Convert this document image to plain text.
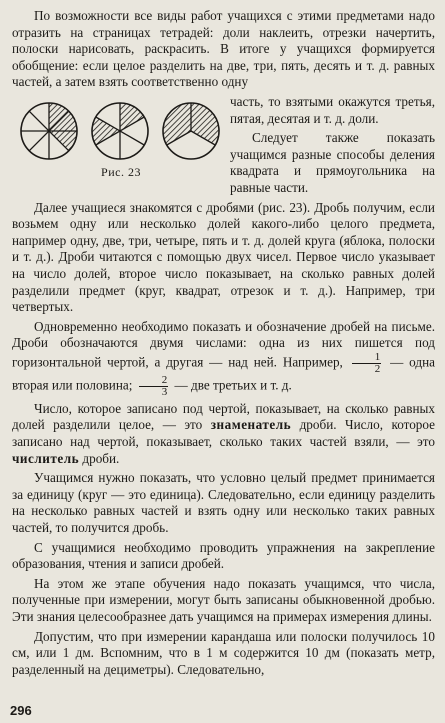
По возможности все виды работ учащихся с этими предметами надо отразить на страницах тетрадей: доли наклеить, отрезки начертить, полоски нарисовать, раскрасить. В итоге у учащихся формируется обобщение: если целое разделить на две, три, пять, десять и т. д. равных частей, а затем взять соответственно одну

Рис. 23

часть, то взятыми окажутся третья, пятая, десятая и т. д. доли.

Следует также показать учащимся разные способы деления квадрата и прямоугольника на равные части.

Далее учащиеся знакомятся с дробями (рис. 23). Дробь получим, если возьмем одну или несколько долей какого-либо целого предмета, например одну, две, три, четыре, пять и т. д. долей круга (яблока, полоски и т. д.). Дроби читаются с помощью двух чисел. Первое число указывает на число долей, второе число показывает, на сколько равных долей разделили предмет (круг, квадрат, отрезок и т. д.). Например, три четвертых.

Одновременно необходимо показать и обозначение дробей на письме. Дроби обозначаются двумя числами: одна из них пишется под горизонтальной чертой, а другая — над ней. Например, $\frac{1}{2}$ — одна вторая или половина; $\frac{2}{3}$ — две третьих и т. д.

Число, которое записано под чертой, показывает, на сколько равных долей разделили целое, — это знаменатель дроби. Число, которое записано над чертой, показывает, сколько таких частей взяли, — это числитель дроби.

Учащимся нужно показать, что условно целый предмет принимается за единицу (круг — это единица). Следовательно, если единицу разделить на несколько равных частей и взять одну или несколько таких равных частей, то получится дробь.

С учащимися необходимо проводить упражнения на закрепление образования, чтения и записи дробей.

На этом же этапе обучения надо показать учащимся, что числа, полученные при измерении, могут быть записаны обыкновенной дробью. Эти знания целесообразнее дать учащимся на примерах измерения длины.

Допустим, что при измерении карандаша или полоски получилось 10 см, или 1 дм. Вспомним, что в 1 м содержится 10 дм (показать метр, разделенный на дециметры). Следовательно,

296
